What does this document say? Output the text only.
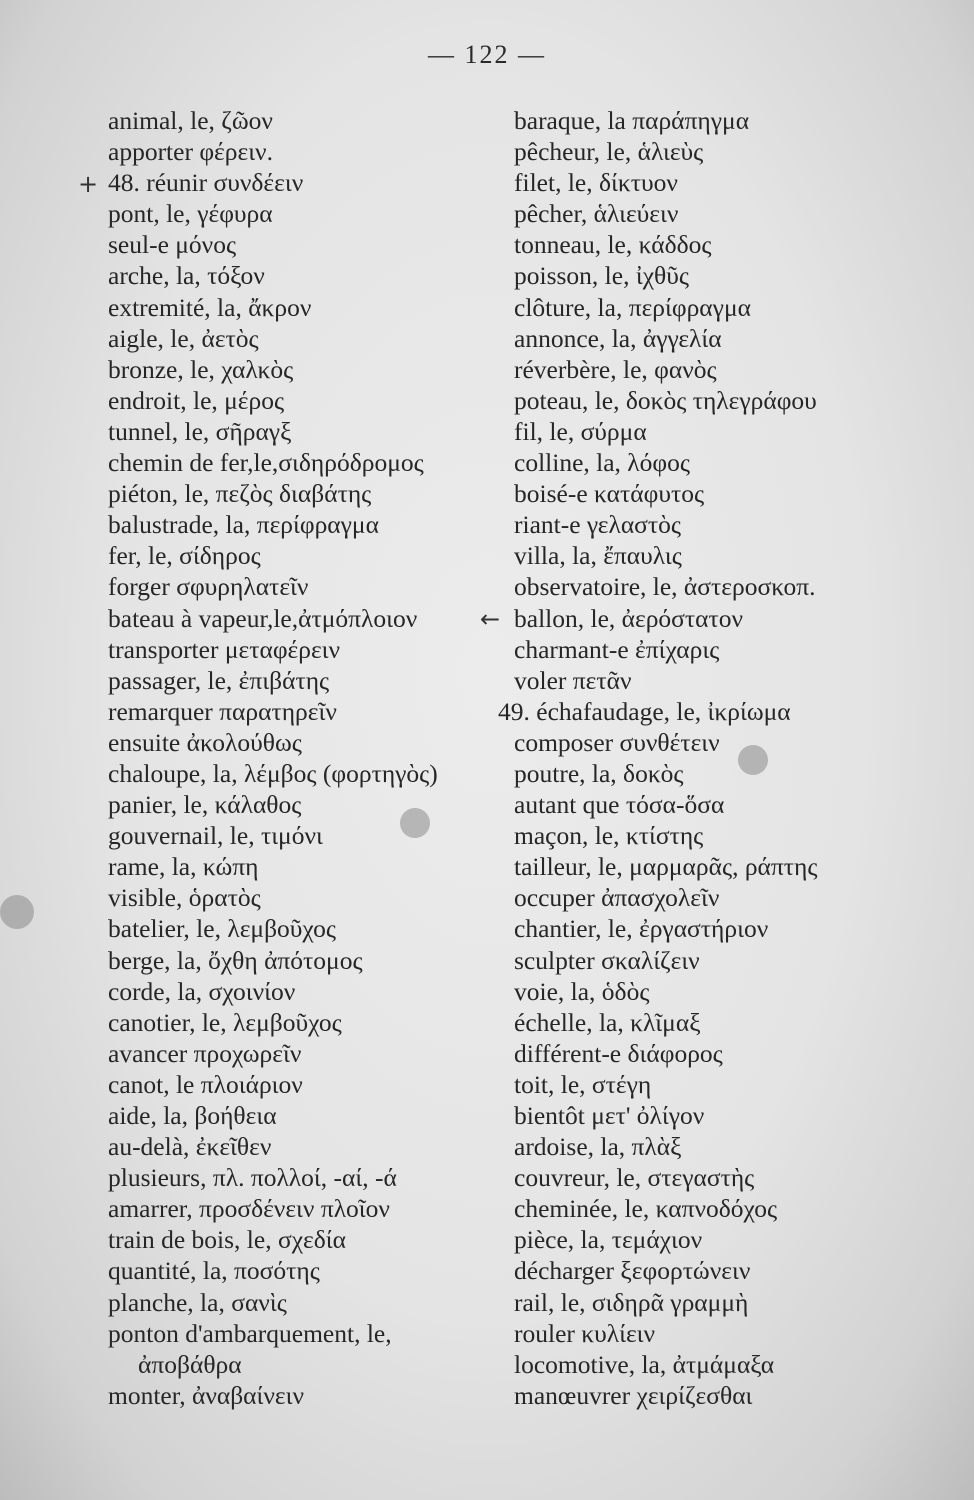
— 122 —
+
←
animal, le, ζῶον
apporter φέρειν.
48. réunir συνδέειν
pont, le, γέφυρα
seul-e μόνος
arche, la, τόξον
extremité, la, ἄκρον
aigle, le, ἀετὸς
bronze, le, χαλκὸς
endroit, le, μέρος
tunnel, le, σῆραγξ
chemin de fer,le,σιδηρόδρομος
piéton, le, πεζὸς διαβάτης
balustrade, la, περίφραγμα
fer, le, σίδηρος
forger σφυρηλατεῖν
bateau à vapeur,le,ἀτμόπλοιον
transporter μεταφέρειν
passager, le, ἐπιβάτης
remarquer παρατηρεῖν
ensuite ἀκολούθως
chaloupe, la, λέμβος (φορτηγὸς)
panier, le, κάλαθος
gouvernail, le, τιμόνι
rame, la, κώπη
visible, ὁρατὸς
batelier, le, λεμβοῦχος
berge, la, ὄχθη ἀπότομος
corde, la, σχοινίον
canotier, le, λεμβοῦχος
avancer προχωρεῖν
canot, le πλοιάριον
aide, la, βοήθεια
au-delà, ἐκεῖθεν
plusieurs, πλ. πολλοί, -αί, -ά
amarrer, προσδένειν πλοῖον
train de bois, le, σχεδία
quantité, la, ποσότης
planche, la, σανὶς
ponton d'ambarquement, le,
ἀποβάθρα
monter, ἀναβαίνειν
baraque, la παράπηγμα
pêcheur, le, ἁλιεὺς
filet, le, δίκτυον
pêcher, ἁλιεύειν
tonneau, le, κάδδος
poisson, le, ἰχθῦς
clôture, la, περίφραγμα
annonce, la, ἀγγελία
réverbère, le, φανὸς
poteau, le, δοκὸς τηλεγράφου
fil, le, σύρμα
colline, la, λόφος
boisé-e κατάφυτος
riant-e γελαστὸς
villa, la, ἔπαυλις
observatoire, le, ἀστεροσκοπ.
ballon, le, ἀερόστατον
charmant-e ἐπίχαρις
voler πετᾶν
49. échafaudage, le, ἰκρίωμα
composer συνθέτειν
poutre, la, δοκὸς
autant que τόσα-ὅσα
maçon, le, κτίστης
tailleur, le, μαρμαρᾶς, ράπτης
occuper ἀπασχολεῖν
chantier, le, ἐργαστήριον
sculpter σκαλίζειν
voie, la, ὁδὸς
échelle, la, κλῖμαξ
différent-e διάφορος
toit, le, στέγη
bientôt μετ' ὀλίγον
ardoise, la, πλὰξ
couvreur, le, στεγαστὴς
cheminée, le, καπνοδόχος
pièce, la, τεμάχιον
décharger ξεφορτώνειν
rail, le, σιδηρᾶ γραμμὴ
rouler κυλίειν
locomotive, la, ἀτμάμαξα
manœuvrer χειρίζεσθαι
